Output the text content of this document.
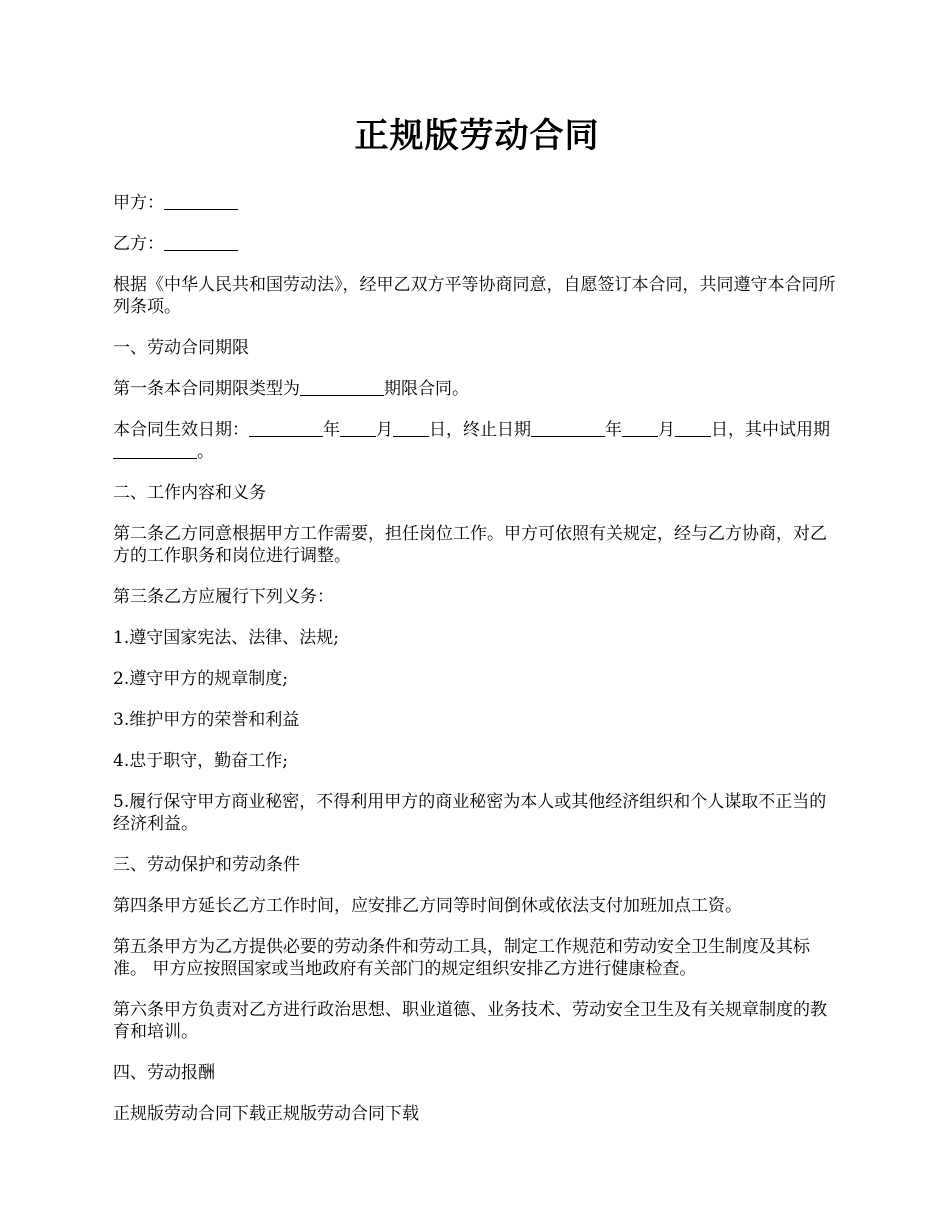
正规版劳动合同
甲方：
乙方：
根据《中华人民共和国劳动法》，经甲乙双方平等协商同意，自愿签订本合同，共同遵守本合同所列条项。
一、劳动合同期限
第一条本合同期限类型为	期限合同。
本合同生效日期：	年 月 日，终止日期	年 月 日，其中试用期。
二、工作内容和义务
第二条乙方同意根据甲方工作需要，担任岗位工作。甲方可依照有关规定，经与乙方协商，对乙方的工作职务和岗位进行调整。
第三条乙方应履行下列义务：
1.遵守国家宪法、法律、法规;
2.遵守甲方的规章制度;
3.维护甲方的荣誉和利益
4.忠于职守，勤奋工作;
5.履行保守甲方商业秘密，不得利用甲方的商业秘密为本人或其他经济组织和个人谋取不正当的经济利益。
三、劳动保护和劳动条件
第四条甲方延长乙方工作时间，应安排乙方同等时间倒休或依法支付加班加点工资。
第五条甲方为乙方提供必要的劳动条件和劳动工具，制定工作规范和劳动安全卫生制度及其标准。 甲方应按照国家或当地政府有关部门的规定组织安排乙方进行健康检查。
第六条甲方负责对乙方进行政治思想、职业道德、业务技术、劳动安全卫生及有关规章制度的教育和培训。
四、劳动报酬
正规版劳动合同下载正规版劳动合同下载
